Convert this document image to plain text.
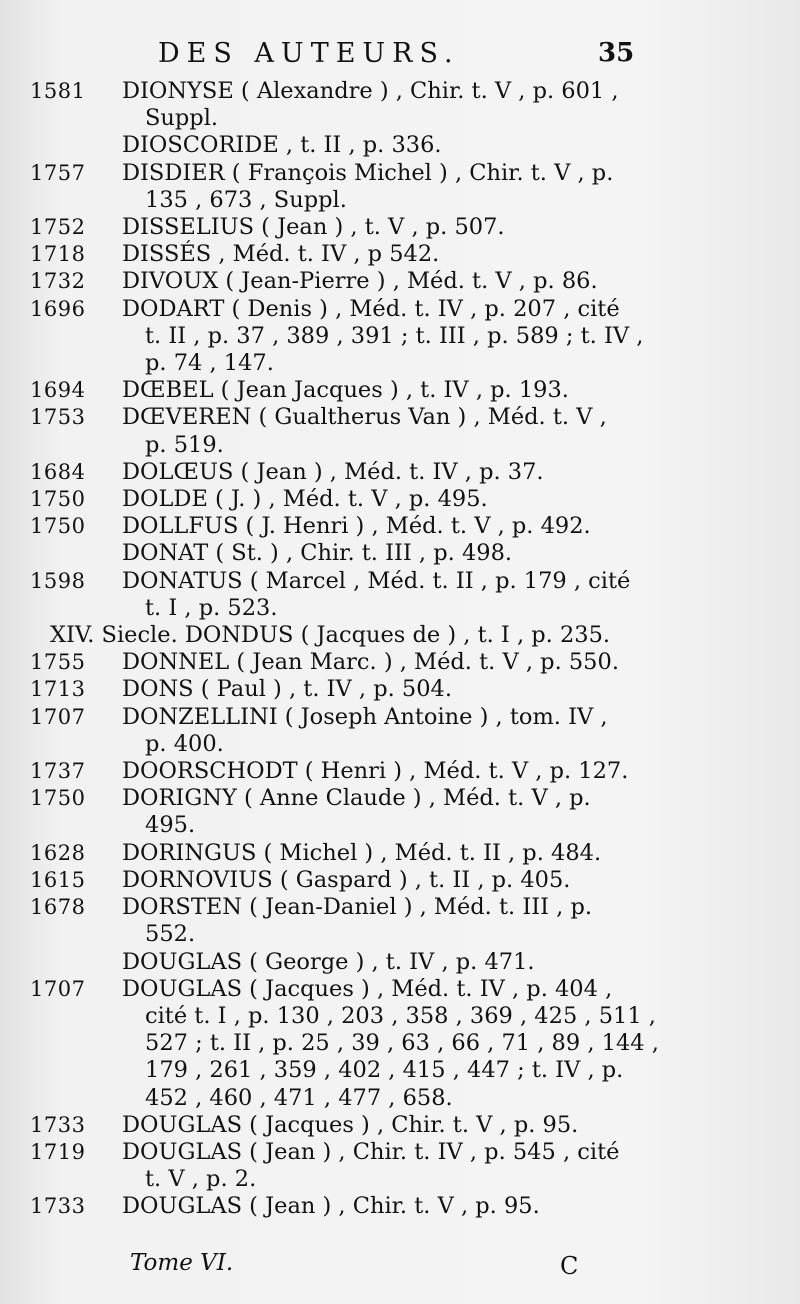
DES AUTEURS.	35
1581	DIONYSE ( Alexandre ) , Chir. t. V , p. 601 ,
Suppl.
DIOSCORIDE , t. II , p. 336.
1757	DISDIER ( François Michel ) , Chir. t. V , p.
135 , 673 , Suppl.
1752	DISSELIUS ( Jean ) , t. V , p. 507.
1718	DISSÉS , Méd. t. IV , p 542.
1732	DIVOUX ( Jean-Pierre ) , Méd. t. V , p. 86.
1696	DODART ( Denis ) , Méd. t. IV , p. 207 , cité
t. II , p. 37 , 389 , 391 ; t. III , p. 589 ; t. IV ,
p. 74 , 147.
1694	DŒBEL ( Jean Jacques ) , t. IV , p. 193.
1753	DŒVEREN ( Gualtherus Van ) , Méd. t. V ,
p. 519.
1684	DOLŒUS ( Jean ) , Méd. t. IV , p. 37.
1750	DOLDE ( J. ) , Méd. t. V , p. 495.
1750	DOLLFUS ( J. Henri ) , Méd. t. V , p. 492.
DONAT ( St. ) , Chir. t. III , p. 498.
1598	DONATUS ( Marcel , Méd. t. II , p. 179 , cité
t. I , p. 523.
XIV. Siecle. DONDUS ( Jacques de ) , t. I , p. 235.
1755	DONNEL ( Jean Marc. ) , Méd. t. V , p. 550.
1713	DONS ( Paul ) , t. IV , p. 504.
1707	DONZELLINI ( Joseph Antoine ) , tom. IV ,
p. 400.
1737	DOORSCHODT ( Henri ) , Méd. t. V , p. 127.
1750	DORIGNY ( Anne Claude ) , Méd. t. V , p.
495.
1628	DORINGUS ( Michel ) , Méd. t. II , p. 484.
1615	DORNOVIUS ( Gaspard ) , t. II , p. 405.
1678	DORSTEN ( Jean-Daniel ) , Méd. t. III , p.
552.
DOUGLAS ( George ) , t. IV , p. 471.
1707	DOUGLAS ( Jacques ) , Méd. t. IV , p. 404 ,
cité t. I , p. 130 , 203 , 358 , 369 , 425 , 511 ,
527 ; t. II , p. 25 , 39 , 63 , 66 , 71 , 89 , 144 ,
179 , 261 , 359 , 402 , 415 , 447 ; t. IV , p.
452 , 460 , 471 , 477 , 658.
1733	DOUGLAS ( Jacques ) , Chir. t. V , p. 95.
1719	DOUGLAS ( Jean ) , Chir. t. IV , p. 545 , cité
t. V , p. 2.
1733	DOUGLAS ( Jean ) , Chir. t. V , p. 95.
Tome VI.	C
